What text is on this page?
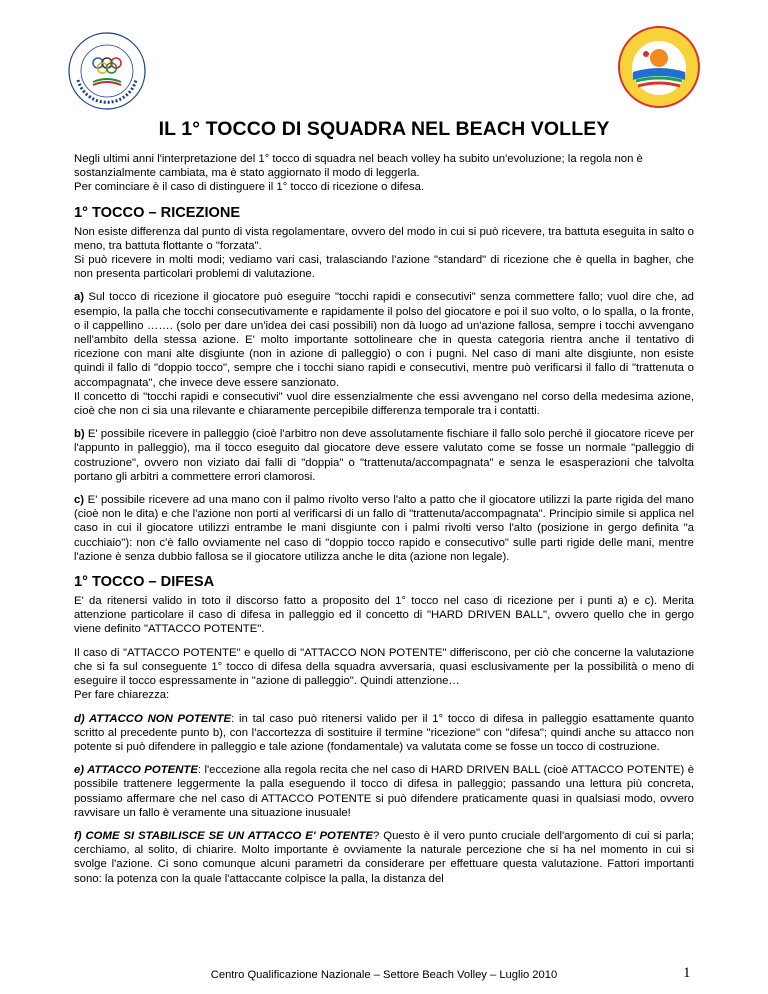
IL 1° TOCCO DI SQUADRA NEL BEACH VOLLEY

Negli ultimi anni l'interpretazione del 1° tocco di squadra nel beach volley ha subito un'evoluzione; la regola non è sostanzialmente cambiata, ma è stato aggiornato il modo di leggerla.
Per cominciare è il caso di distinguere il 1° tocco di ricezione o difesa.

1° TOCCO – RICEZIONE

Non esiste differenza dal punto di vista regolamentare, ovvero del modo in cui si può ricevere, tra battuta eseguita in salto o meno, tra battuta flottante o "forzata".
Si può ricevere in molti modi; vediamo vari casi, tralasciando l'azione "standard" di ricezione che è quella in bagher, che non presenta particolari problemi di valutazione.

a) Sul tocco di ricezione il giocatore può eseguire "tocchi rapidi e consecutivi" senza commettere fallo; vuol dire che, ad esempio, la palla che tocchi consecutivamente e rapidamente il polso del giocatore e poi il suo volto, o lo spalla, o la fronte, o il cappellino ……. (solo per dare un'idea dei casi possibili) non dà luogo ad un'azione fallosa, sempre i tocchi avvengano nell'ambito della stessa azione. E' molto importante sottolineare che in questa categoria rientra anche il tentativo di ricezione con mani alte disgiunte (non in azione di palleggio) o con i pugni. Nel caso di mani alte disgiunte, non esiste quindi il fallo di "doppio tocco", sempre che i tocchi siano rapidi e consecutivi, mentre può verificarsi il fallo di "trattenuta o accompagnata", che invece deve essere sanzionato.
Il concetto di "tocchi rapidi e consecutivi" vuol dire essenzialmente che essi avvengano nel corso della medesima azione, cioè che non ci sia una rilevante e chiaramente percepibile differenza temporale tra i contatti.

b) E' possibile ricevere in palleggio (cioè l'arbitro non deve assolutamente fischiare il fallo solo perché il giocatore riceve per l'appunto in palleggio), ma il tocco eseguito dal giocatore deve essere valutato come se fosse un normale "palleggio di costruzione", ovvero non viziato dai falli di "doppia" o "trattenuta/accompagnata" e senza le esasperazioni che talvolta portano gli arbitri a commettere errori clamorosi.

c) E' possibile ricevere ad una mano con il palmo rivolto verso l'alto a patto che il giocatore utilizzi la parte rigida del mano (cioè non le dita) e che l'azione non porti al verificarsi di un fallo di "trattenuta/accompagnata". Principio simile si applica nel caso in cui il giocatore utilizzi entrambe le mani disgiunte con i palmi rivolti verso l'alto (posizione in gergo definita "a cucchiaio"): non c'è fallo ovviamente nel caso di "doppio tocco rapido e consecutivo" sulle parti rigide delle mani, mentre l'azione è senza dubbio fallosa se il giocatore utilizza anche le dita (azione non legale).

1° TOCCO – DIFESA

E' da ritenersi valido in toto il discorso fatto a proposito del 1° tocco nel caso di ricezione per i punti a) e c). Merita attenzione particolare il caso di difesa in palleggio ed il concetto di "HARD DRIVEN BALL", ovvero quello che in gergo viene definito "ATTACCO POTENTE".

Il caso di "ATTACCO POTENTE" e quello di "ATTACCO NON POTENTE" differiscono, per ciò che concerne la valutazione che si fa sul conseguente 1° tocco di difesa della squadra avversaria, quasi esclusivamente per la possibilità o meno di eseguire il tocco espressamente in "azione di palleggio". Quindi attenzione…
Per fare chiarezza:

d) ATTACCO NON POTENTE: in tal caso può ritenersi valido per il 1° tocco di difesa in palleggio esattamente quanto scritto al precedente punto b), con l'accortezza di sostituire il termine "ricezione" con "difesa"; quindi anche su attacco non potente si può difendere in palleggio e tale azione (fondamentale) va valutata come se fosse un tocco di costruzione.

e) ATTACCO POTENTE: l'eccezione alla regola recita che nel caso di HARD DRIVEN BALL (cioè ATTACCO POTENTE) è possibile trattenere leggermente la palla eseguendo il tocco di difesa in palleggio; passando una lettura più concreta, possiamo affermare che nel caso di ATTACCO POTENTE si può difendere praticamente quasi in qualsiasi modo, ovvero ravvisare un fallo è veramente una situazione inusuale!

f) COME SI STABILISCE SE UN ATTACCO E' POTENTE? Questo è il vero punto cruciale dell'argomento di cui si parla; cerchiamo, al solito, di chiarire. Molto importante è ovviamente la naturale percezione che si ha nel momento in cui si svolge l'azione. Ci sono comunque alcuni parametri da considerare per effettuare questa valutazione. Fattori importanti sono: la potenza con la quale l'attaccante colpisce la palla, la distanza del

Centro Qualificazione Nazionale – Settore Beach Volley – Luglio 2010	1
